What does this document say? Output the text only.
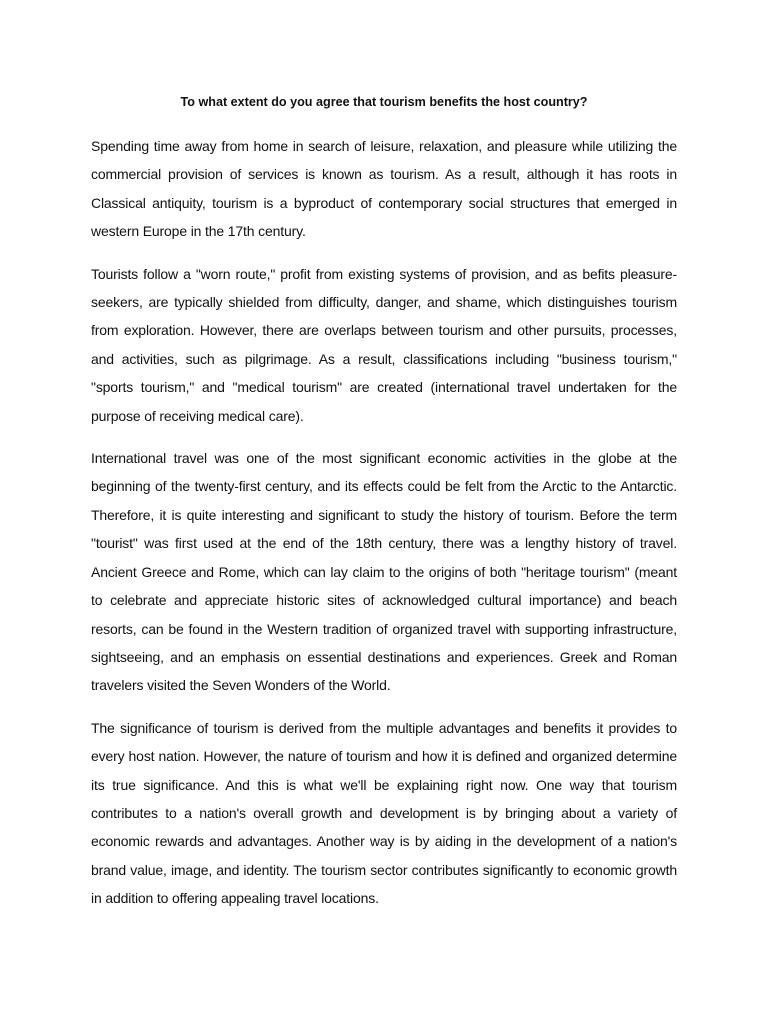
To what extent do you agree that tourism benefits the host country?

Spending time away from home in search of leisure, relaxation, and pleasure while utilizing the commercial provision of services is known as tourism. As a result, although it has roots in Classical antiquity, tourism is a byproduct of contemporary social structures that emerged in western Europe in the 17th century.

Tourists follow a "worn route," profit from existing systems of provision, and as befits pleasure-seekers, are typically shielded from difficulty, danger, and shame, which distinguishes tourism from exploration. However, there are overlaps between tourism and other pursuits, processes, and activities, such as pilgrimage. As a result, classifications including "business tourism," "sports tourism," and "medical tourism" are created (international travel undertaken for the purpose of receiving medical care).

International travel was one of the most significant economic activities in the globe at the beginning of the twenty-first century, and its effects could be felt from the Arctic to the Antarctic. Therefore, it is quite interesting and significant to study the history of tourism. Before the term "tourist" was first used at the end of the 18th century, there was a lengthy history of travel. Ancient Greece and Rome, which can lay claim to the origins of both "heritage tourism" (meant to celebrate and appreciate historic sites of acknowledged cultural importance) and beach resorts, can be found in the Western tradition of organized travel with supporting infrastructure, sightseeing, and an emphasis on essential destinations and experiences. Greek and Roman travelers visited the Seven Wonders of the World.

The significance of tourism is derived from the multiple advantages and benefits it provides to every host nation. However, the nature of tourism and how it is defined and organized determine its true significance. And this is what we'll be explaining right now. One way that tourism contributes to a nation's overall growth and development is by bringing about a variety of economic rewards and advantages. Another way is by aiding in the development of a nation's brand value, image, and identity. The tourism sector contributes significantly to economic growth in addition to offering appealing travel locations.
